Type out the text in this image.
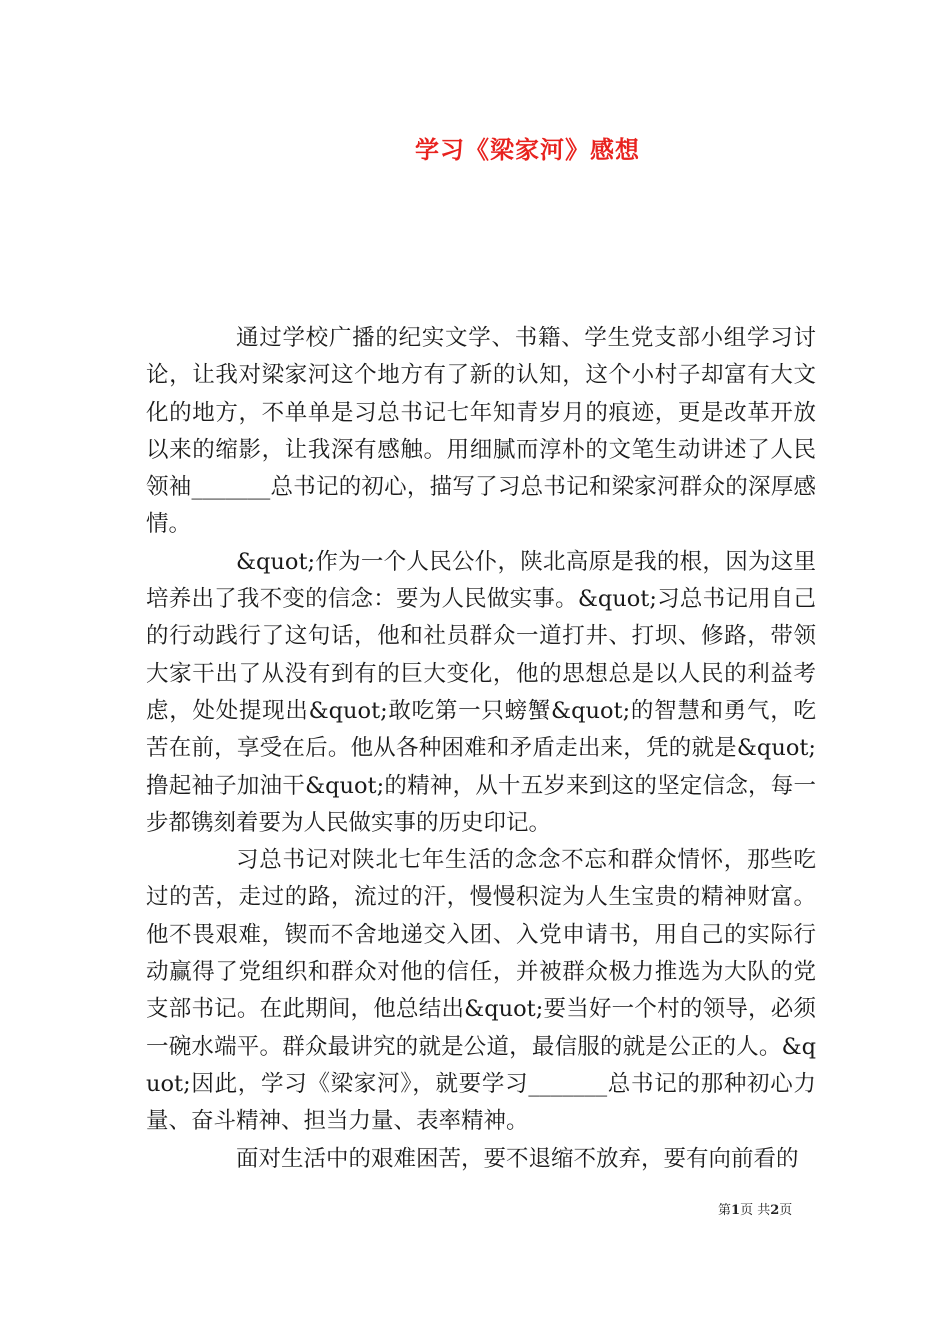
学习《梁家河》感想

通过学校广播的纪实文学、书籍、学生党支部小组学习讨论，让我对梁家河这个地方有了新的认知，这个小村子却富有大文化的地方，不单单是习总书记七年知青岁月的痕迹，更是改革开放以来的缩影，让我深有感触。用细腻而淳朴的文笔生动讲述了人民领袖_______总书记的初心，描写了习总书记和梁家河群众的深厚感情。

&quot;作为一个人民公仆，陕北高原是我的根，因为这里培养出了我不变的信念：要为人民做实事。&quot;习总书记用自己的行动践行了这句话，他和社员群众一道打井、打坝、修路，带领大家干出了从没有到有的巨大变化，他的思想总是以人民的利益考虑，处处提现出&quot;敢吃第一只螃蟹&quot;的智慧和勇气，吃苦在前，享受在后。他从各种困难和矛盾走出来，凭的就是&quot;撸起袖子加油干&quot;的精神，从十五岁来到这的坚定信念，每一步都镌刻着要为人民做实事的历史印记。

习总书记对陕北七年生活的念念不忘和群众情怀，那些吃过的苦，走过的路，流过的汗，慢慢积淀为人生宝贵的精神财富。他不畏艰难，锲而不舍地递交入团、入党申请书，用自己的实际行动赢得了党组织和群众对他的信任，并被群众极力推选为大队的党支部书记。在此期间，他总结出&quot;要当好一个村的领导，必须一碗水端平。群众最讲究的就是公道，最信服的就是公正的人。&quot;因此，学习《梁家河》，就要学习_______总书记的那种初心力量、奋斗精神、担当力量、表率精神。

面对生活中的艰难困苦，要不退缩不放弃，要有向前看的

第1页 共2页
